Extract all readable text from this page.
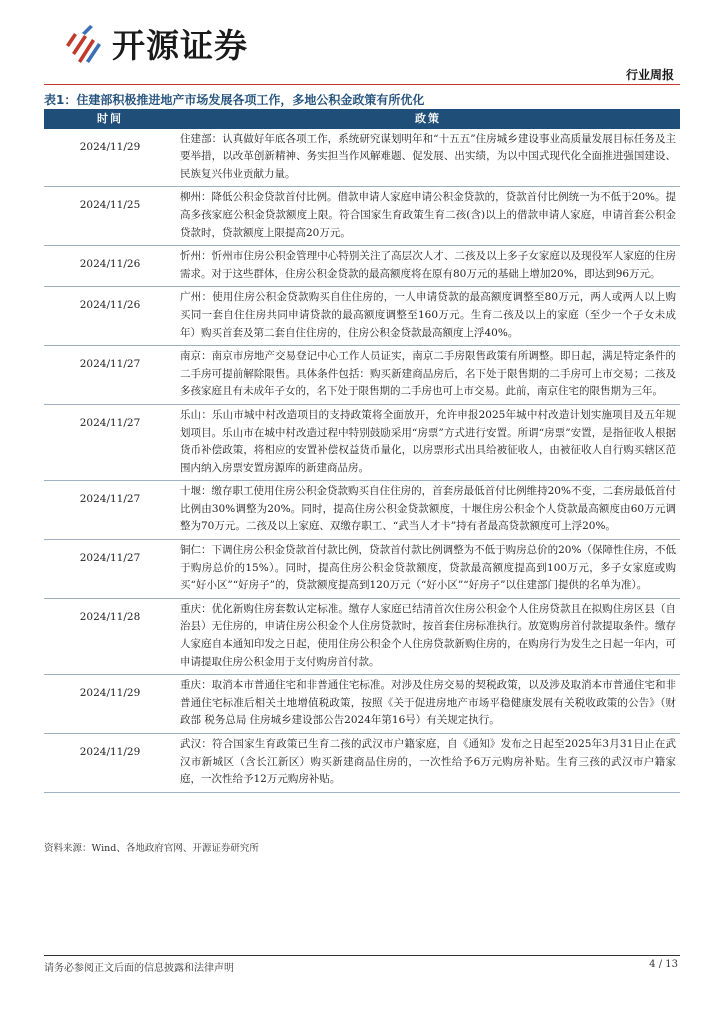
开源证券
行业周报
表1：住建部积极推进地产市场发展各项工作，多地公积金政策有所优化
时间	政策
2024/11/29	住建部：认真做好年底各项工作，系统研究谋划明年和“十五五”住房城乡建设事业高质量发展目标任务及主要举措，以改革创新精神、务实担当作风解难题、促发展、出实绩，为以中国式现代化全面推进强国建设、民族复兴伟业贡献力量。
2024/11/25	柳州：降低公积金贷款首付比例。借款申请人家庭申请公积金贷款的，贷款首付比例统一为不低于20%。提高多孩家庭公积金贷款额度上限。符合国家生育政策生育二孩(含)以上的借款申请人家庭，申请首套公积金贷款时，贷款额度上限提高20万元。
2024/11/26	忻州：忻州市住房公积金管理中心特别关注了高层次人才、二孩及以上多子女家庭以及现役军人家庭的住房需求。对于这些群体，住房公积金贷款的最高额度将在原有80万元的基础上增加20%，即达到96万元。
2024/11/26	广州：使用住房公积金贷款购买自住住房的，一人申请贷款的最高额度调整至80万元，两人或两人以上购买同一套自住住房共同申请贷款的最高额度调整至160万元。生育二孩及以上的家庭（至少一个子女未成年）购买首套及第二套自住住房的，住房公积金贷款最高额度上浮40%。
2024/11/27	南京：南京市房地产交易登记中心工作人员证实，南京二手房限售政策有所调整。即日起，满足特定条件的二手房可提前解除限售。具体条件包括：购买新建商品房后，名下处于限售期的二手房可上市交易；二孩及多孩家庭且有未成年子女的，名下处于限售期的二手房也可上市交易。此前，南京住宅的限售期为三年。
2024/11/27	乐山：乐山市城中村改造项目的支持政策将全面放开，允许申报2025年城中村改造计划实施项目及五年规划项目。乐山市在城中村改造过程中特别鼓励采用“房票”方式进行安置。所谓“房票”安置，是指征收人根据货币补偿政策，将相应的安置补偿权益货币量化，以房票形式出具给被征收人，由被征收人自行购买辖区范围内纳入房票安置房源库的新建商品房。
2024/11/27	十堰：缴存职工使用住房公积金贷款购买自住住房的，首套房最低首付比例维持20%不变，二套房最低首付比例由30%调整为20%。同时，提高住房公积金贷款额度，十堰住房公积金个人贷款最高额度由60万元调整为70万元。二孩及以上家庭、双缴存职工、“武当人才卡”持有者最高贷款额度可上浮20%。
2024/11/27	铜仁：下调住房公积金贷款首付款比例，贷款首付款比例调整为不低于购房总价的20%（保障性住房，不低于购房总价的15%）。同时，提高住房公积金贷款额度，贷款最高额度提高到100万元，多子女家庭或购买“好小区”“好房子”的，贷款额度提高到120万元（“好小区”“好房子”以住建部门提供的名单为准）。
2024/11/28	重庆：优化新购住房套数认定标准。缴存人家庭已结清首次住房公积金个人住房贷款且在拟购住房区县（自治县）无住房的，申请住房公积金个人住房贷款时，按首套住房标准执行。放宽购房首付款提取条件。缴存人家庭自本通知印发之日起，使用住房公积金个人住房贷款新购住房的，在购房行为发生之日起一年内，可申请提取住房公积金用于支付购房首付款。
2024/11/29	重庆：取消本市普通住宅和非普通住宅标准。对涉及住房交易的契税政策，以及涉及取消本市普通住宅和非普通住宅标准后相关土地增值税政策，按照《关于促进房地产市场平稳健康发展有关税收政策的公告》（财政部 税务总局 住房城乡建设部公告2024年第16号）有关规定执行。
2024/11/29	武汉：符合国家生育政策已生育二孩的武汉市户籍家庭，自《通知》发布之日起至2025年3月31日止在武汉市新城区（含长江新区）购买新建商品住房的，一次性给予6万元购房补贴。生育三孩的武汉市户籍家庭，一次性给予12万元购房补贴。
资料来源：Wind、各地政府官网、开源证券研究所
请务必参阅正文后面的信息披露和法律声明	4 / 13
